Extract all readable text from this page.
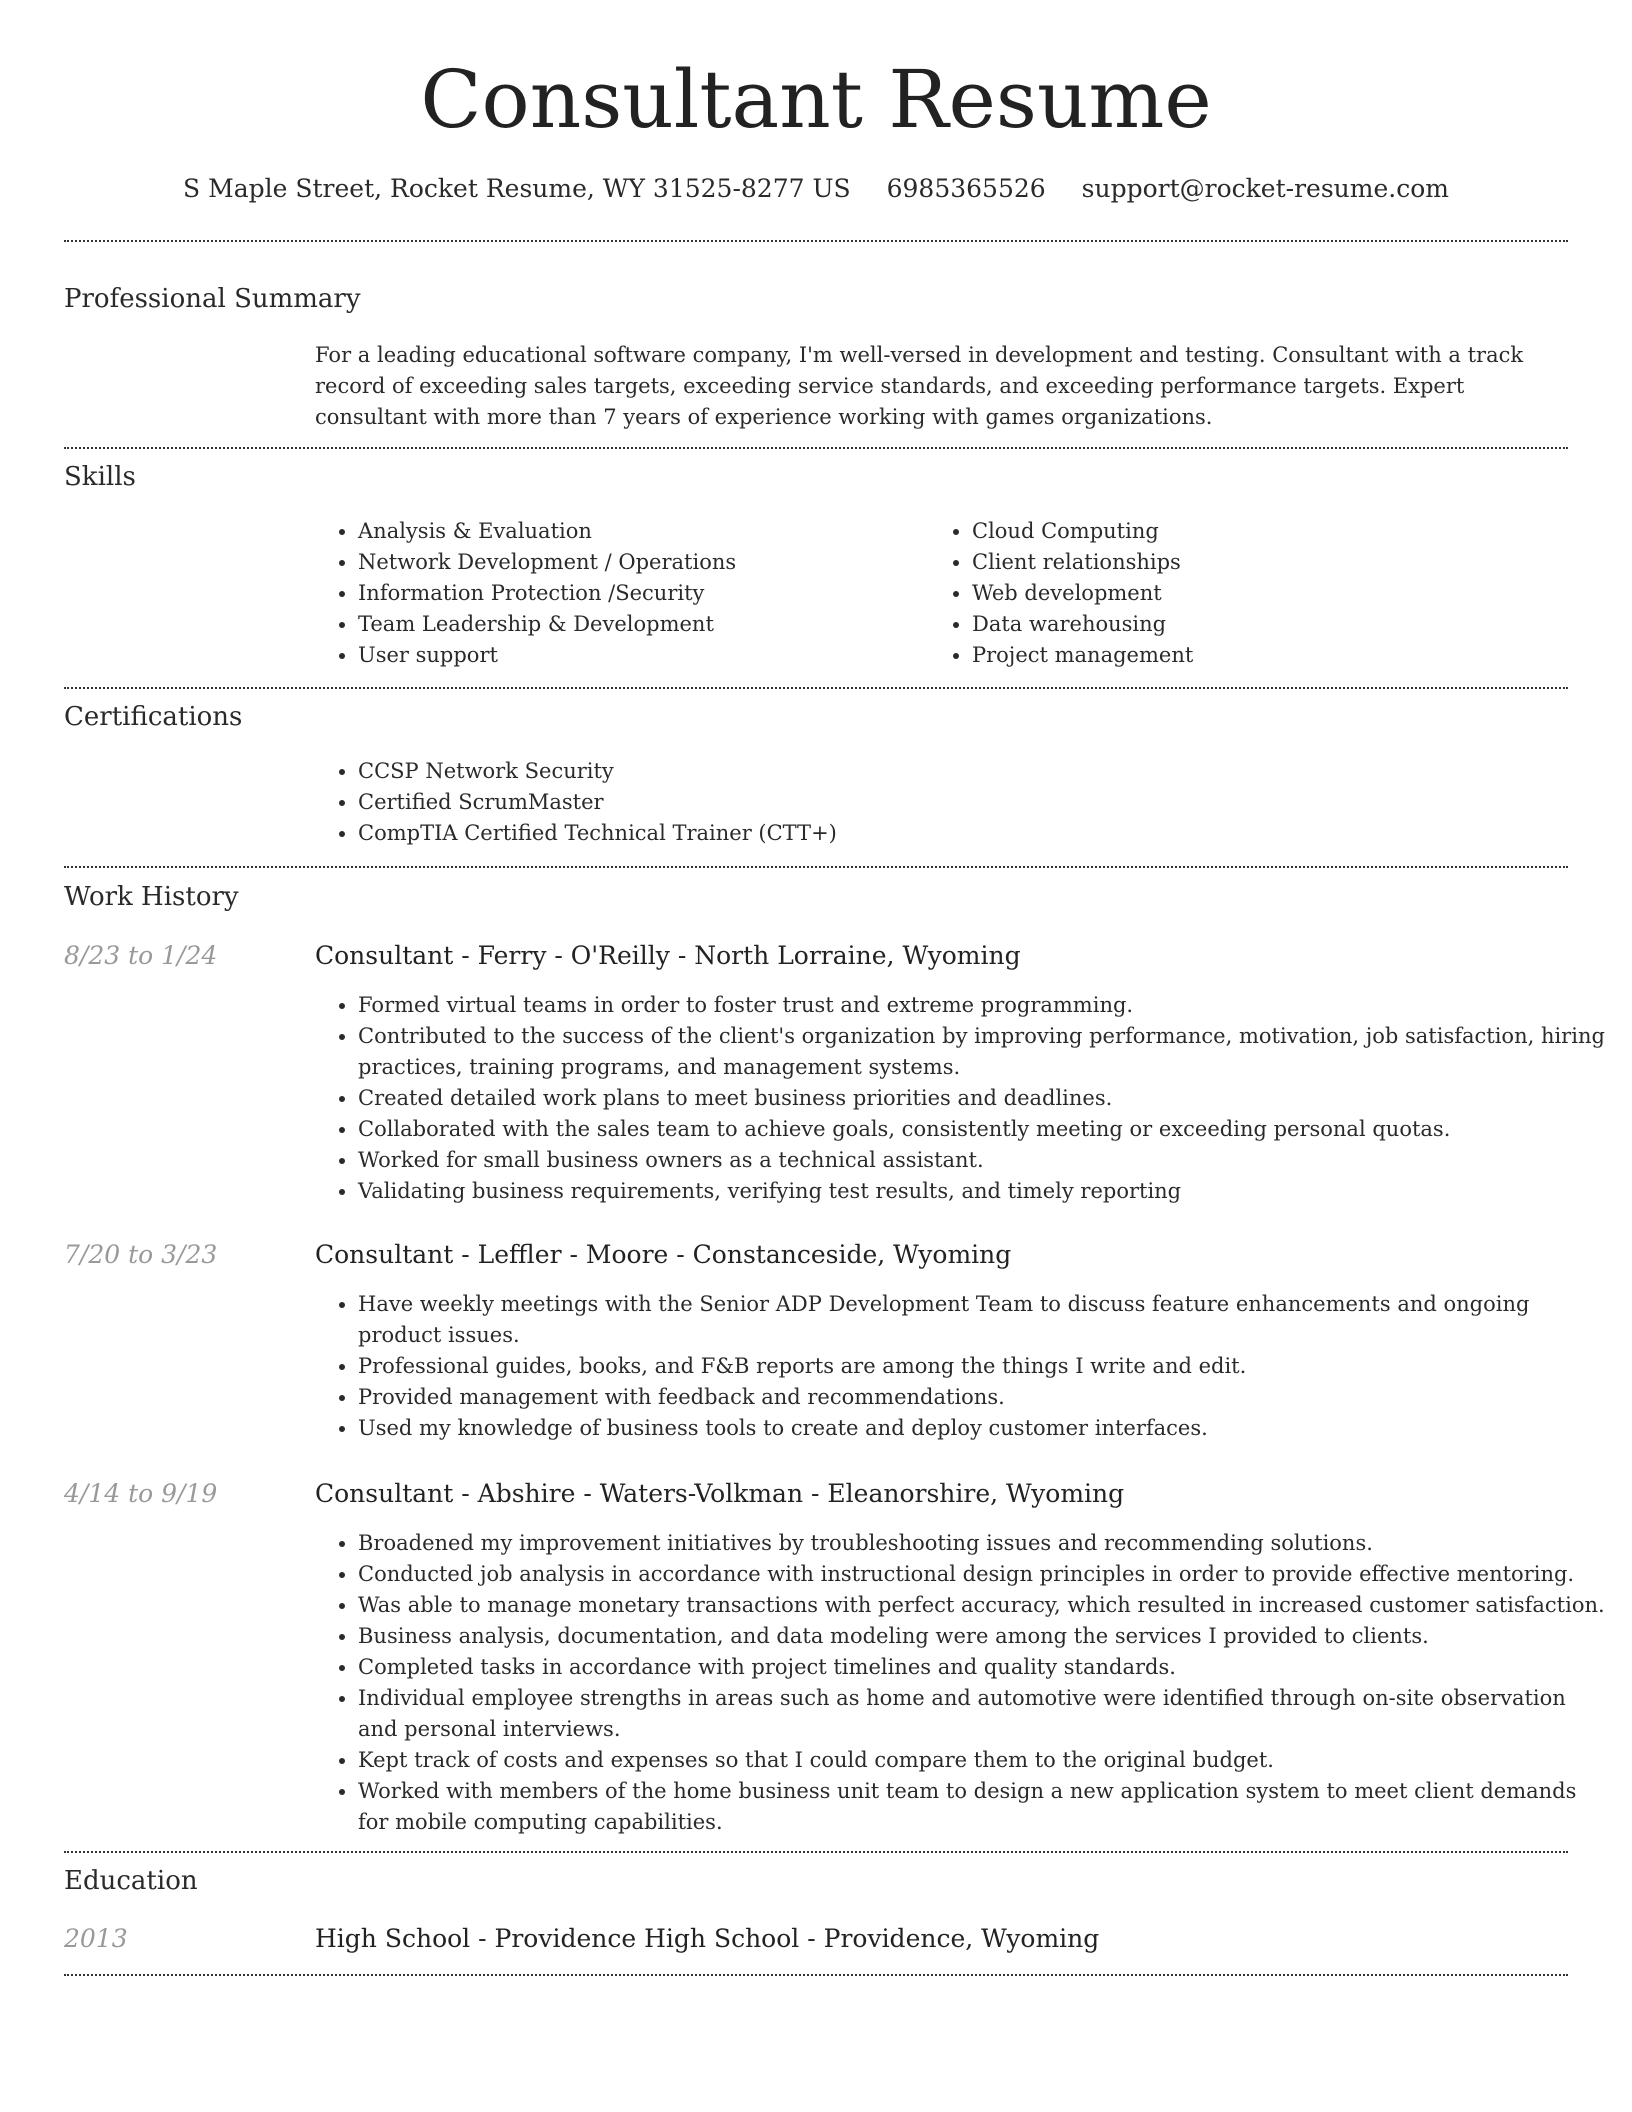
Consultant Resume
S Maple Street, Rocket Resume, WY 31525-8277 US 6985365526 support@rocket-resume.com
Professional Summary

For a leading educational software company, I'm well-versed in development and testing. Consultant with a track record of exceeding sales targets, exceeding service standards, and exceeding performance targets. Expert consultant with more than 7 years of experience working with games organizations.

Skills
• Analysis & Evaluation
• Network Development / Operations
• Information Protection /Security
• Team Leadership & Development
• User support
• Cloud Computing
• Client relationships
• Web development
• Data warehousing
• Project management
Certifications
• CCSP Network Security
• Certified ScrumMaster
• CompTIA Certified Technical Trainer (CTT+)
Work History
8/23 to 1/24	Consultant - Ferry - O'Reilly - North Lorraine, Wyoming
• Formed virtual teams in order to foster trust and extreme programming.
• Contributed to the success of the client's organization by improving performance, motivation, job satisfaction, hiring practices, training programs, and management systems.
• Created detailed work plans to meet business priorities and deadlines.
• Collaborated with the sales team to achieve goals, consistently meeting or exceeding personal quotas.
• Worked for small business owners as a technical assistant.
• Validating business requirements, verifying test results, and timely reporting
7/20 to 3/23	Consultant - Leffler - Moore - Constanceside, Wyoming
• Have weekly meetings with the Senior ADP Development Team to discuss feature enhancements and ongoing product issues.
• Professional guides, books, and F&B reports are among the things I write and edit.
• Provided management with feedback and recommendations.
• Used my knowledge of business tools to create and deploy customer interfaces.
4/14 to 9/19	Consultant - Abshire - Waters-Volkman - Eleanorshire, Wyoming
• Broadened my improvement initiatives by troubleshooting issues and recommending solutions.
• Conducted job analysis in accordance with instructional design principles in order to provide effective mentoring.
• Was able to manage monetary transactions with perfect accuracy, which resulted in increased customer satisfaction.
• Business analysis, documentation, and data modeling were among the services I provided to clients.
• Completed tasks in accordance with project timelines and quality standards.
• Individual employee strengths in areas such as home and automotive were identified through on-site observation and personal interviews.
• Kept track of costs and expenses so that I could compare them to the original budget.
• Worked with members of the home business unit team to design a new application system to meet client demands for mobile computing capabilities.
Education
2013	High School - Providence High School - Providence, Wyoming
